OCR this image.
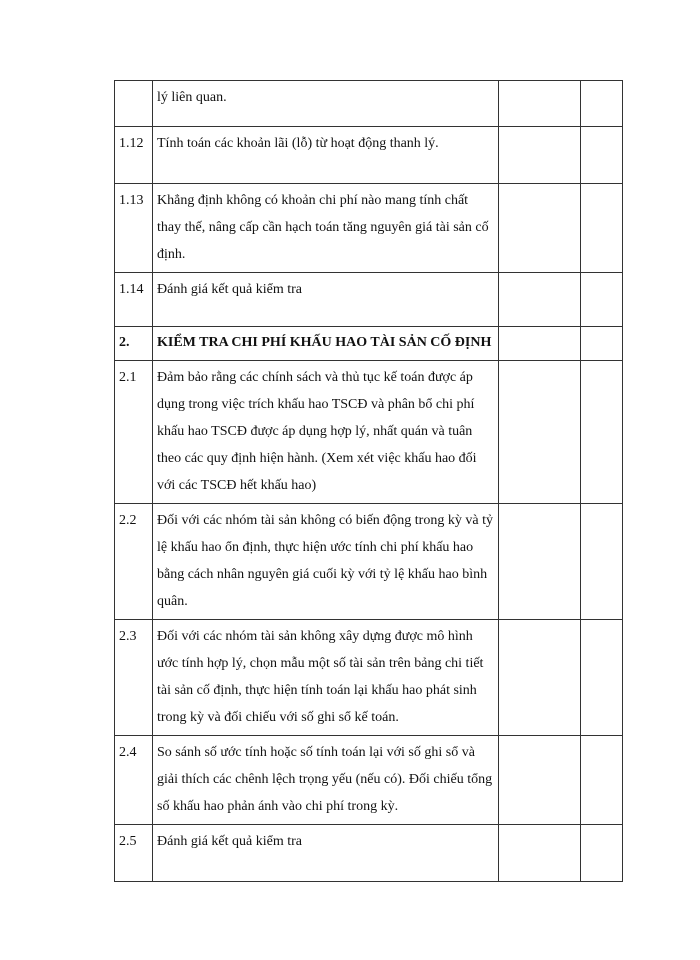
	lý liên quan.		
1.12	Tính toán các khoản lãi (lỗ) từ hoạt động thanh lý.		
1.13	Khẳng định không có khoản chi phí nào mang tính chất thay thế, nâng cấp cần hạch toán tăng nguyên giá tài sản cố định.		
1.14	Đánh giá kết quả kiểm tra		
2.	KIỂM TRA CHI PHÍ KHẤU HAO TÀI SẢN CỐ ĐỊNH		
2.1	Đảm bảo rằng các chính sách và thủ tục kế toán được áp dụng trong việc trích khấu hao TSCĐ và phân bổ chi phí khấu hao TSCĐ được áp dụng hợp lý, nhất quán và tuân theo các quy định hiện hành. (Xem xét việc khấu hao đối với các TSCĐ hết khấu hao)		
2.2	Đối với các nhóm tài sản không có biến động trong kỳ và tỷ lệ khấu hao ổn định, thực hiện ước tính chi phí khấu hao bằng cách nhân nguyên giá cuối kỳ với tỷ lệ khấu hao bình quân.		
2.3	Đối với các nhóm tài sản không xây dựng được mô hình ước tính hợp lý, chọn mẫu một số tài sản trên bảng chi tiết tài sản cố định, thực hiện tính toán lại khấu hao phát sinh trong kỳ và đối chiếu với số ghi sổ kế toán.		
2.4	So sánh số ước tính hoặc số tính toán lại với số ghi sổ và giải thích các chênh lệch trọng yếu (nếu có). Đối chiếu tổng số khấu hao phản ánh vào chi phí trong kỳ.		
2.5	Đánh giá kết quả kiểm tra		
